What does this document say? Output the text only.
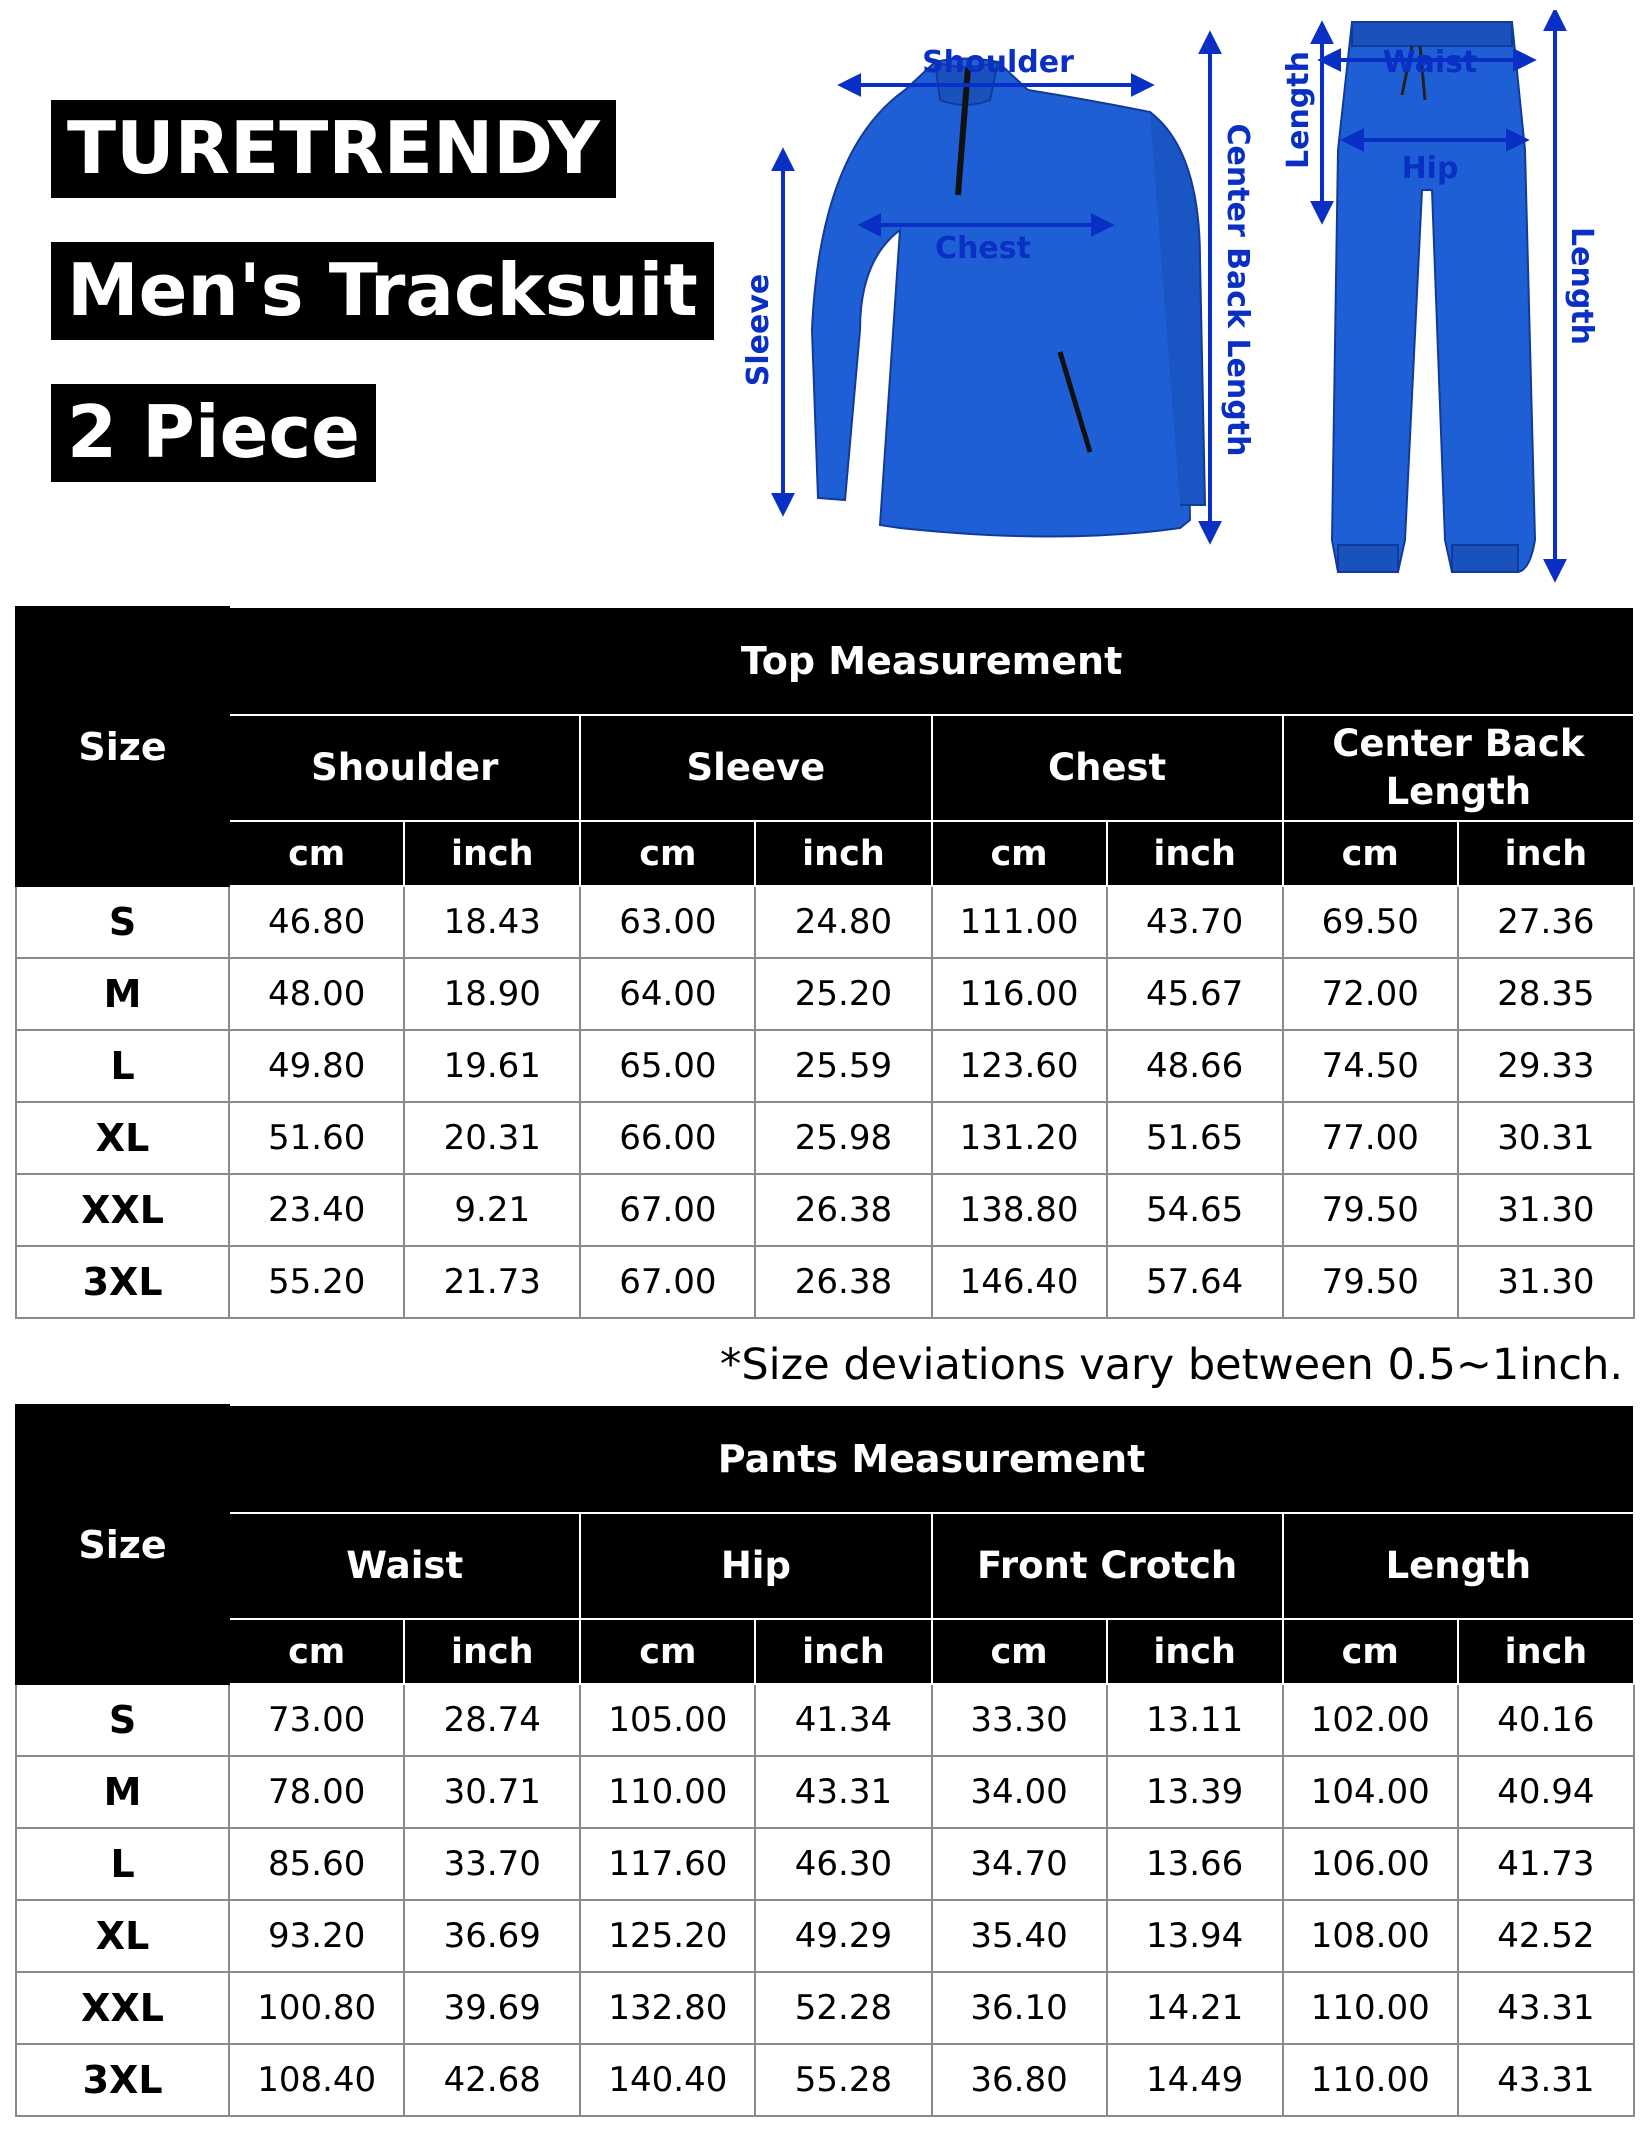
TURETRENDY
Men's Tracksuit
2 Piece
Shoulder
Chest
Sleeve	Center Back Length
Waist
Hip
Length
Length
Size	Top Measurement							
	Shoulder		Sleeve		Chest		Center Back Length	
	cm	inch	cm	inch	cm	inch	cm	inch
S	46.80	18.43	63.00	24.80	111.00	43.70	69.50	27.36
M	48.00	18.90	64.00	25.20	116.00	45.67	72.00	28.35
L	49.80	19.61	65.00	25.59	123.60	48.66	74.50	29.33
XL	51.60	20.31	66.00	25.98	131.20	51.65	77.00	30.31
XXL	23.40	9.21	67.00	26.38	138.80	54.65	79.50	31.30
3XL	55.20	21.73	67.00	26.38	146.40	57.64	79.50	31.30
*Size deviations vary between 0.5~1inch.
Size	Pants Measurement							
	Waist		Hip		Front Crotch		Length	
	cm	inch	cm	inch	cm	inch	cm	inch
S	73.00	28.74	105.00	41.34	33.30	13.11	102.00	40.16
M	78.00	30.71	110.00	43.31	34.00	13.39	104.00	40.94
L	85.60	33.70	117.60	46.30	34.70	13.66	106.00	41.73
XL	93.20	36.69	125.20	49.29	35.40	13.94	108.00	42.52
XXL	100.80	39.69	132.80	52.28	36.10	14.21	110.00	43.31
3XL	108.40	42.68	140.40	55.28	36.80	14.49	110.00	43.31
